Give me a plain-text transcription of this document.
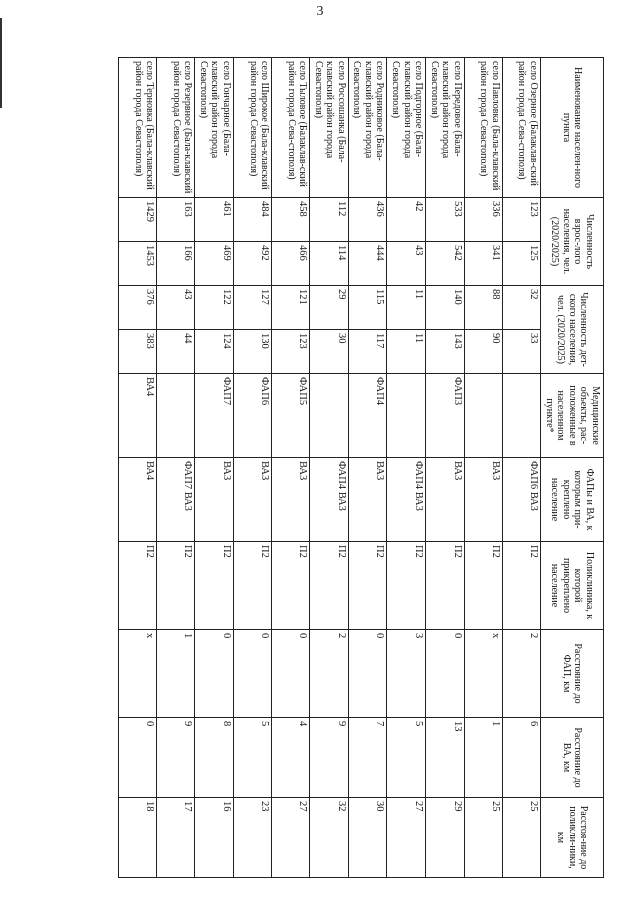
3
Наименование населен-ного пункта	Численность взрос-лого населения, чел. (2020/2025)		Численность дет-ского населения, чел. (2020/2025)		Медицинские объекты, рас-положенные в населенном пункте*	ФАПы и ВА, к которым при-креплено население	Поликлиника, к которой прикреплено население	Расстояние до ФАП, км	Расстояние до ВА, км	Расстоя-ние до поликли-ники, км
село Озерное (Балаклав-ский район города Сева-стополя)	123	125	32	33		ФАП6 ВА3	П2	2	6	25
село Павловка (Бала-клавский район города Севастополя)	336	341	88	90		ВА3	П2	x	1	25
село Передовое (Бала-клавский район города Севастополя)	533	542	140	143	ФАП3	ВА3	П2	0	13	29
село Подгорное (Бала-клавский район города Севастополя)	42	43	11	11		ФАП4 ВА3	П2	3	5	27
село Родниковое (Бала-клавский район города Севастополя)	436	444	115	117	ФАП4	ВА3	П2	0	7	30
село Россошанка (Бала-клавский район города Севастополя)	112	114	29	30		ФАП4 ВА3	П2	2	9	32
село Тыловое (Балаклав-ский район города Сева-стополя)	458	466	121	123	ФАП5	ВА3	П2	0	4	27
село Широкое (Бала-клавский район города Севастополя)	484	492	127	130	ФАП6	ВА3	П2	0	5	23
село Гончарное (Бала-клавский район города Севастополя)	461	469	122	124	ФАП7	ВА3	П2	0	8	16
село Резервное (Бала-клавский район города Севастополя)	163	166	43	44		ФАП7 ВА3	П2	1	9	17
село Терновка (Бала-клавский район города Севастополя)	1429	1453	376	383	ВА4	ВА4	П2	x	0	18
